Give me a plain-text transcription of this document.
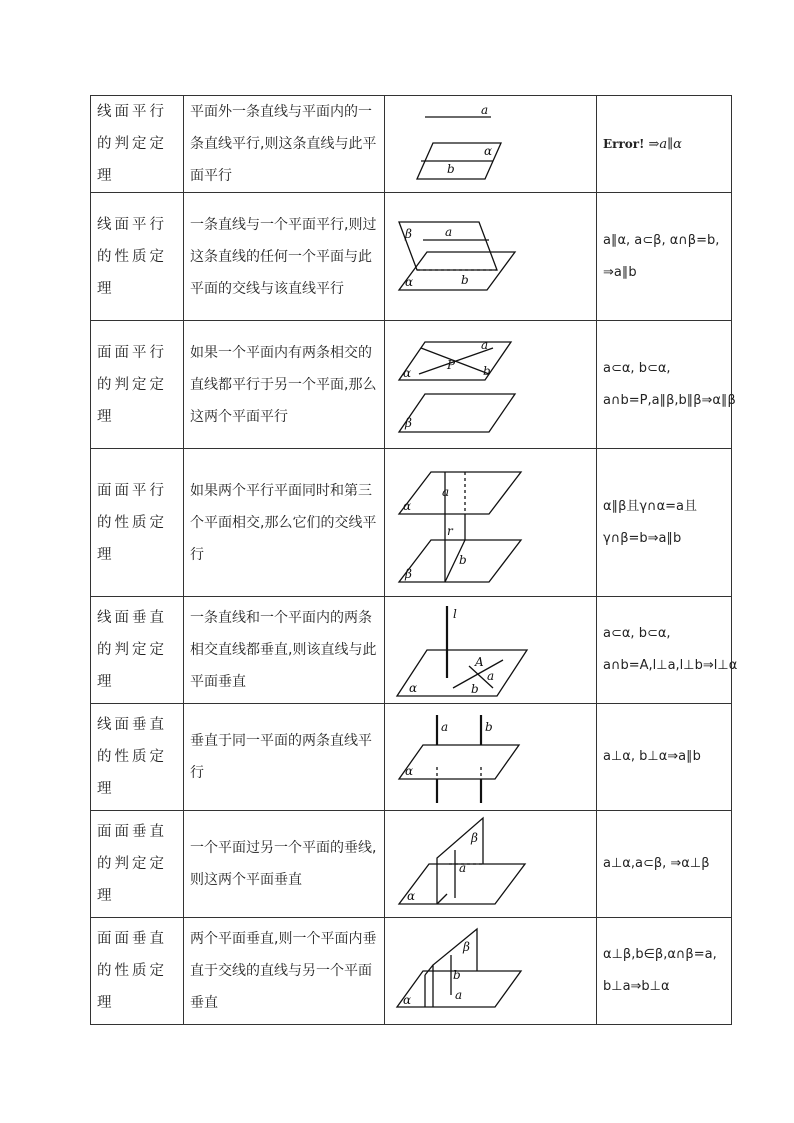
线面平行的判定定理	平面外一条直线与平面内的一条直线平行,则这条直线与此平面平行	a
α
b	Error! ⇒a∥α

线面平行的性质定理	一条直线与一个平面平行,则过这条直线的任何一个平面与此平面的交线与该直线平行	β a
α b	a∥α, a⊂β, α∩β=b, ⇒a∥b

面面平行的判定定理	如果一个平面内有两条相交的直线都平行于另一个平面,那么这两个平面平行	a
P
α b
β	a⊂α, b⊂α, a∩b=P,a∥β,b∥β⇒α∥β

面面平行的性质定理	如果两个平行平面同时和第三个平面相交,那么它们的交线平行	a
α
r
b
β	α∥β且γ∩α=a且γ∩β=b⇒a∥b

线面垂直的判定定理	一条直线和一个平面内的两条相交直线都垂直,则该直线与此平面垂直	l
A
a
b
α	a⊂α, b⊂α, a∩b=A,l⊥a,l⊥b⇒l⊥α

线面垂直的性质定理	垂直于同一平面的两条直线平行	a b
α	a⊥α, b⊥α⇒a∥b

面面垂直的判定定理	一个平面过另一个平面的垂线, 则这两个平面垂直	β
a
α	a⊥α,a⊂β, ⇒α⊥β

面面垂直的性质定理	两个平面垂直,则一个平面内垂直于交线的直线与另一个平面垂直	β
b
a
α	α⊥β,b∈β,α∩β=a, b⊥a⇒b⊥α
